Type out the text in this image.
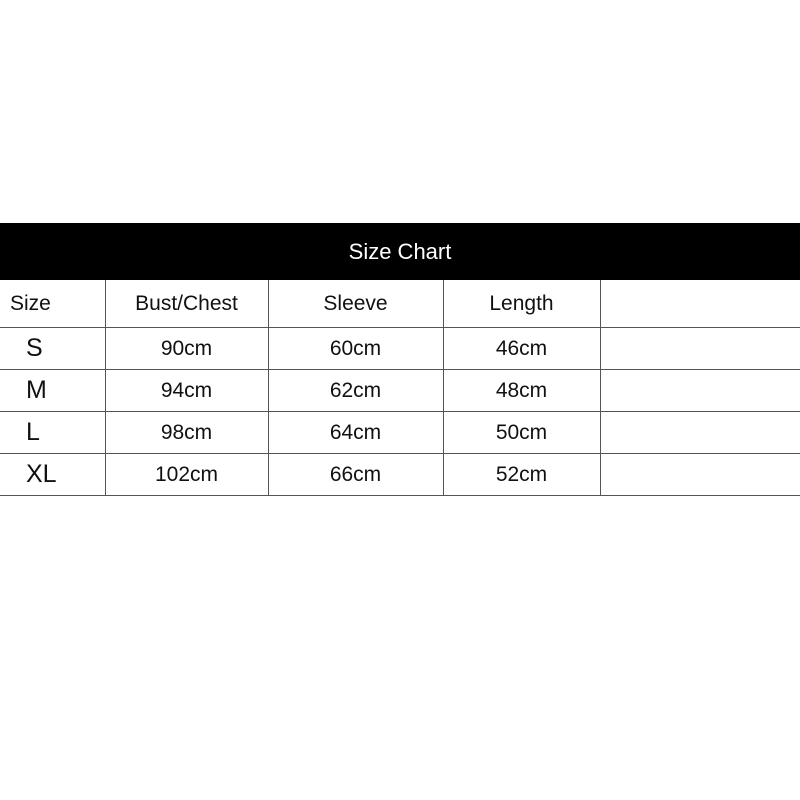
Size Chart
Size	Bust/Chest	Sleeve	Length	
S	90cm	60cm	46cm	
M	94cm	62cm	48cm	
L	98cm	64cm	50cm	
XL	102cm	66cm	52cm	
